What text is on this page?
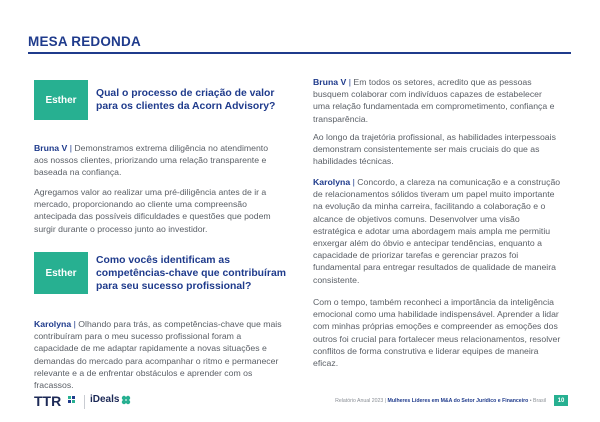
MESA REDONDA
Esther
Qual o processo de criação de valor para os clientes da Acorn Advisory?
Bruna V | Demonstramos extrema diligência no atendimento aos nossos clientes, priorizando uma relação transparente e baseada na confiança.
Agregamos valor ao realizar uma pré-diligência antes de ir a mercado, proporcionando ao cliente uma compreensão antecipada das possíveis dificuldades e questões que podem surgir durante o processo junto ao investidor.
Esther
Como vocês identificam as competências-chave que contribuíram para seu sucesso profissional?
Karolyna | Olhando para trás, as competências-chave que mais contribuíram para o meu sucesso profissional foram a capacidade de me adaptar rapidamente a novas situações e demandas do mercado para acompanhar o ritmo e permanecer relevante e a de enfrentar obstáculos e aprender com os fracassos.
Bruna V | Em todos os setores, acredito que as pessoas busquem colaborar com indivíduos capazes de estabelecer uma relação fundamentada em comprometimento, confiança e transparência.
Ao longo da trajetória profissional, as habilidades interpessoais demonstram consistentemente ser mais cruciais do que as habilidades técnicas.
Karolyna | Concordo, a clareza na comunicação e a construção de relacionamentos sólidos tiveram um papel muito importante na evolução da minha carreira, facilitando a colaboração e o alcance de objetivos comuns. Desenvolver uma visão estratégica e adotar uma abordagem mais ampla me permitiu enxergar além do óbvio e antecipar tendências, enquanto a capacidade de priorizar tarefas e gerenciar prazos foi fundamental para entregar resultados de qualidade de maneira consistente.
Com o tempo, também reconheci a importância da inteligência emocional como uma habilidade indispensável. Aprender a lidar com minhas próprias emoções e compreender as emoções dos outros foi crucial para fortalecer meus relacionamentos, resolver conflitos de forma construtiva e liderar equipes de maneira eficaz.
TTR	iDeals	Relatório Anual 2023 | Mulheres Líderes em M&A do Setor Jurídico e Financeiro • Brasil	10
